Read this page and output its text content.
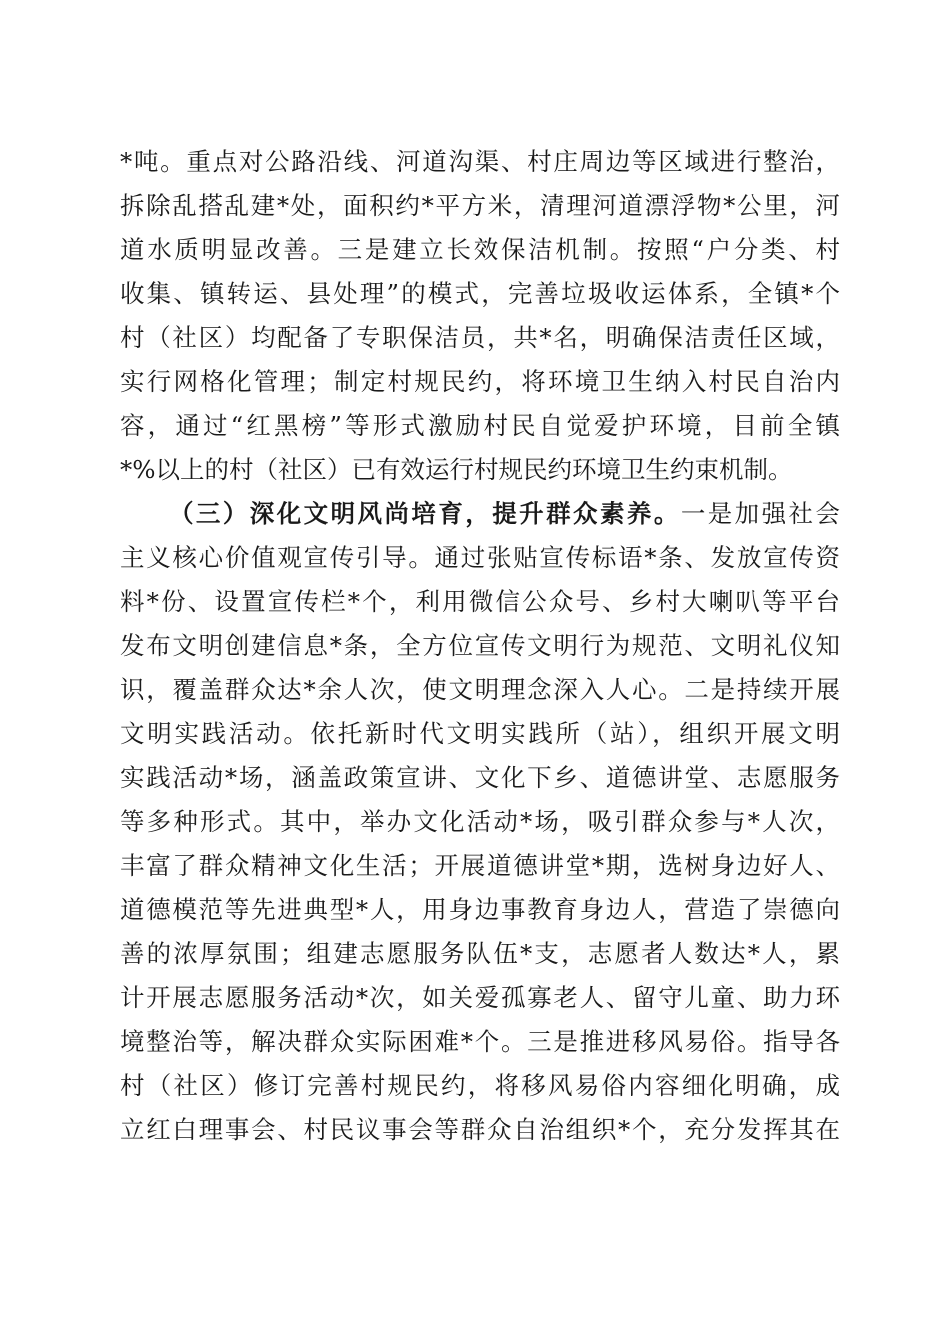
*吨。重点对公路沿线、河道沟渠、村庄周边等区域进行整治，
拆除乱搭乱建*处，面积约*平方米，清理河道漂浮物*公里，河
道水质明显改善。三是建立长效保洁机制。按照“户分类、村
收集、镇转运、县处理”的模式，完善垃圾收运体系，全镇*个
村（社区）均配备了专职保洁员，共*名，明确保洁责任区域，
实行网格化管理；制定村规民约，将环境卫生纳入村民自治内
容，通过“红黑榜”等形式激励村民自觉爱护环境，目前全镇
*%以上的村（社区）已有效运行村规民约环境卫生约束机制。
（三）深化文明风尚培育，提升群众素养。一是加强社会
主义核心价值观宣传引导。通过张贴宣传标语*条、发放宣传资
料*份、设置宣传栏*个，利用微信公众号、乡村大喇叭等平台
发布文明创建信息*条，全方位宣传文明行为规范、文明礼仪知
识，覆盖群众达*余人次，使文明理念深入人心。二是持续开展
文明实践活动。依托新时代文明实践所（站），组织开展文明
实践活动*场，涵盖政策宣讲、文化下乡、道德讲堂、志愿服务
等多种形式。其中，举办文化活动*场，吸引群众参与*人次，
丰富了群众精神文化生活；开展道德讲堂*期，选树身边好人、
道德模范等先进典型*人，用身边事教育身边人，营造了崇德向
善的浓厚氛围；组建志愿服务队伍*支，志愿者人数达*人，累
计开展志愿服务活动*次，如关爱孤寡老人、留守儿童、助力环
境整治等，解决群众实际困难*个。三是推进移风易俗。指导各
村（社区）修订完善村规民约，将移风易俗内容细化明确，成
立红白理事会、村民议事会等群众自治组织*个，充分发挥其在
